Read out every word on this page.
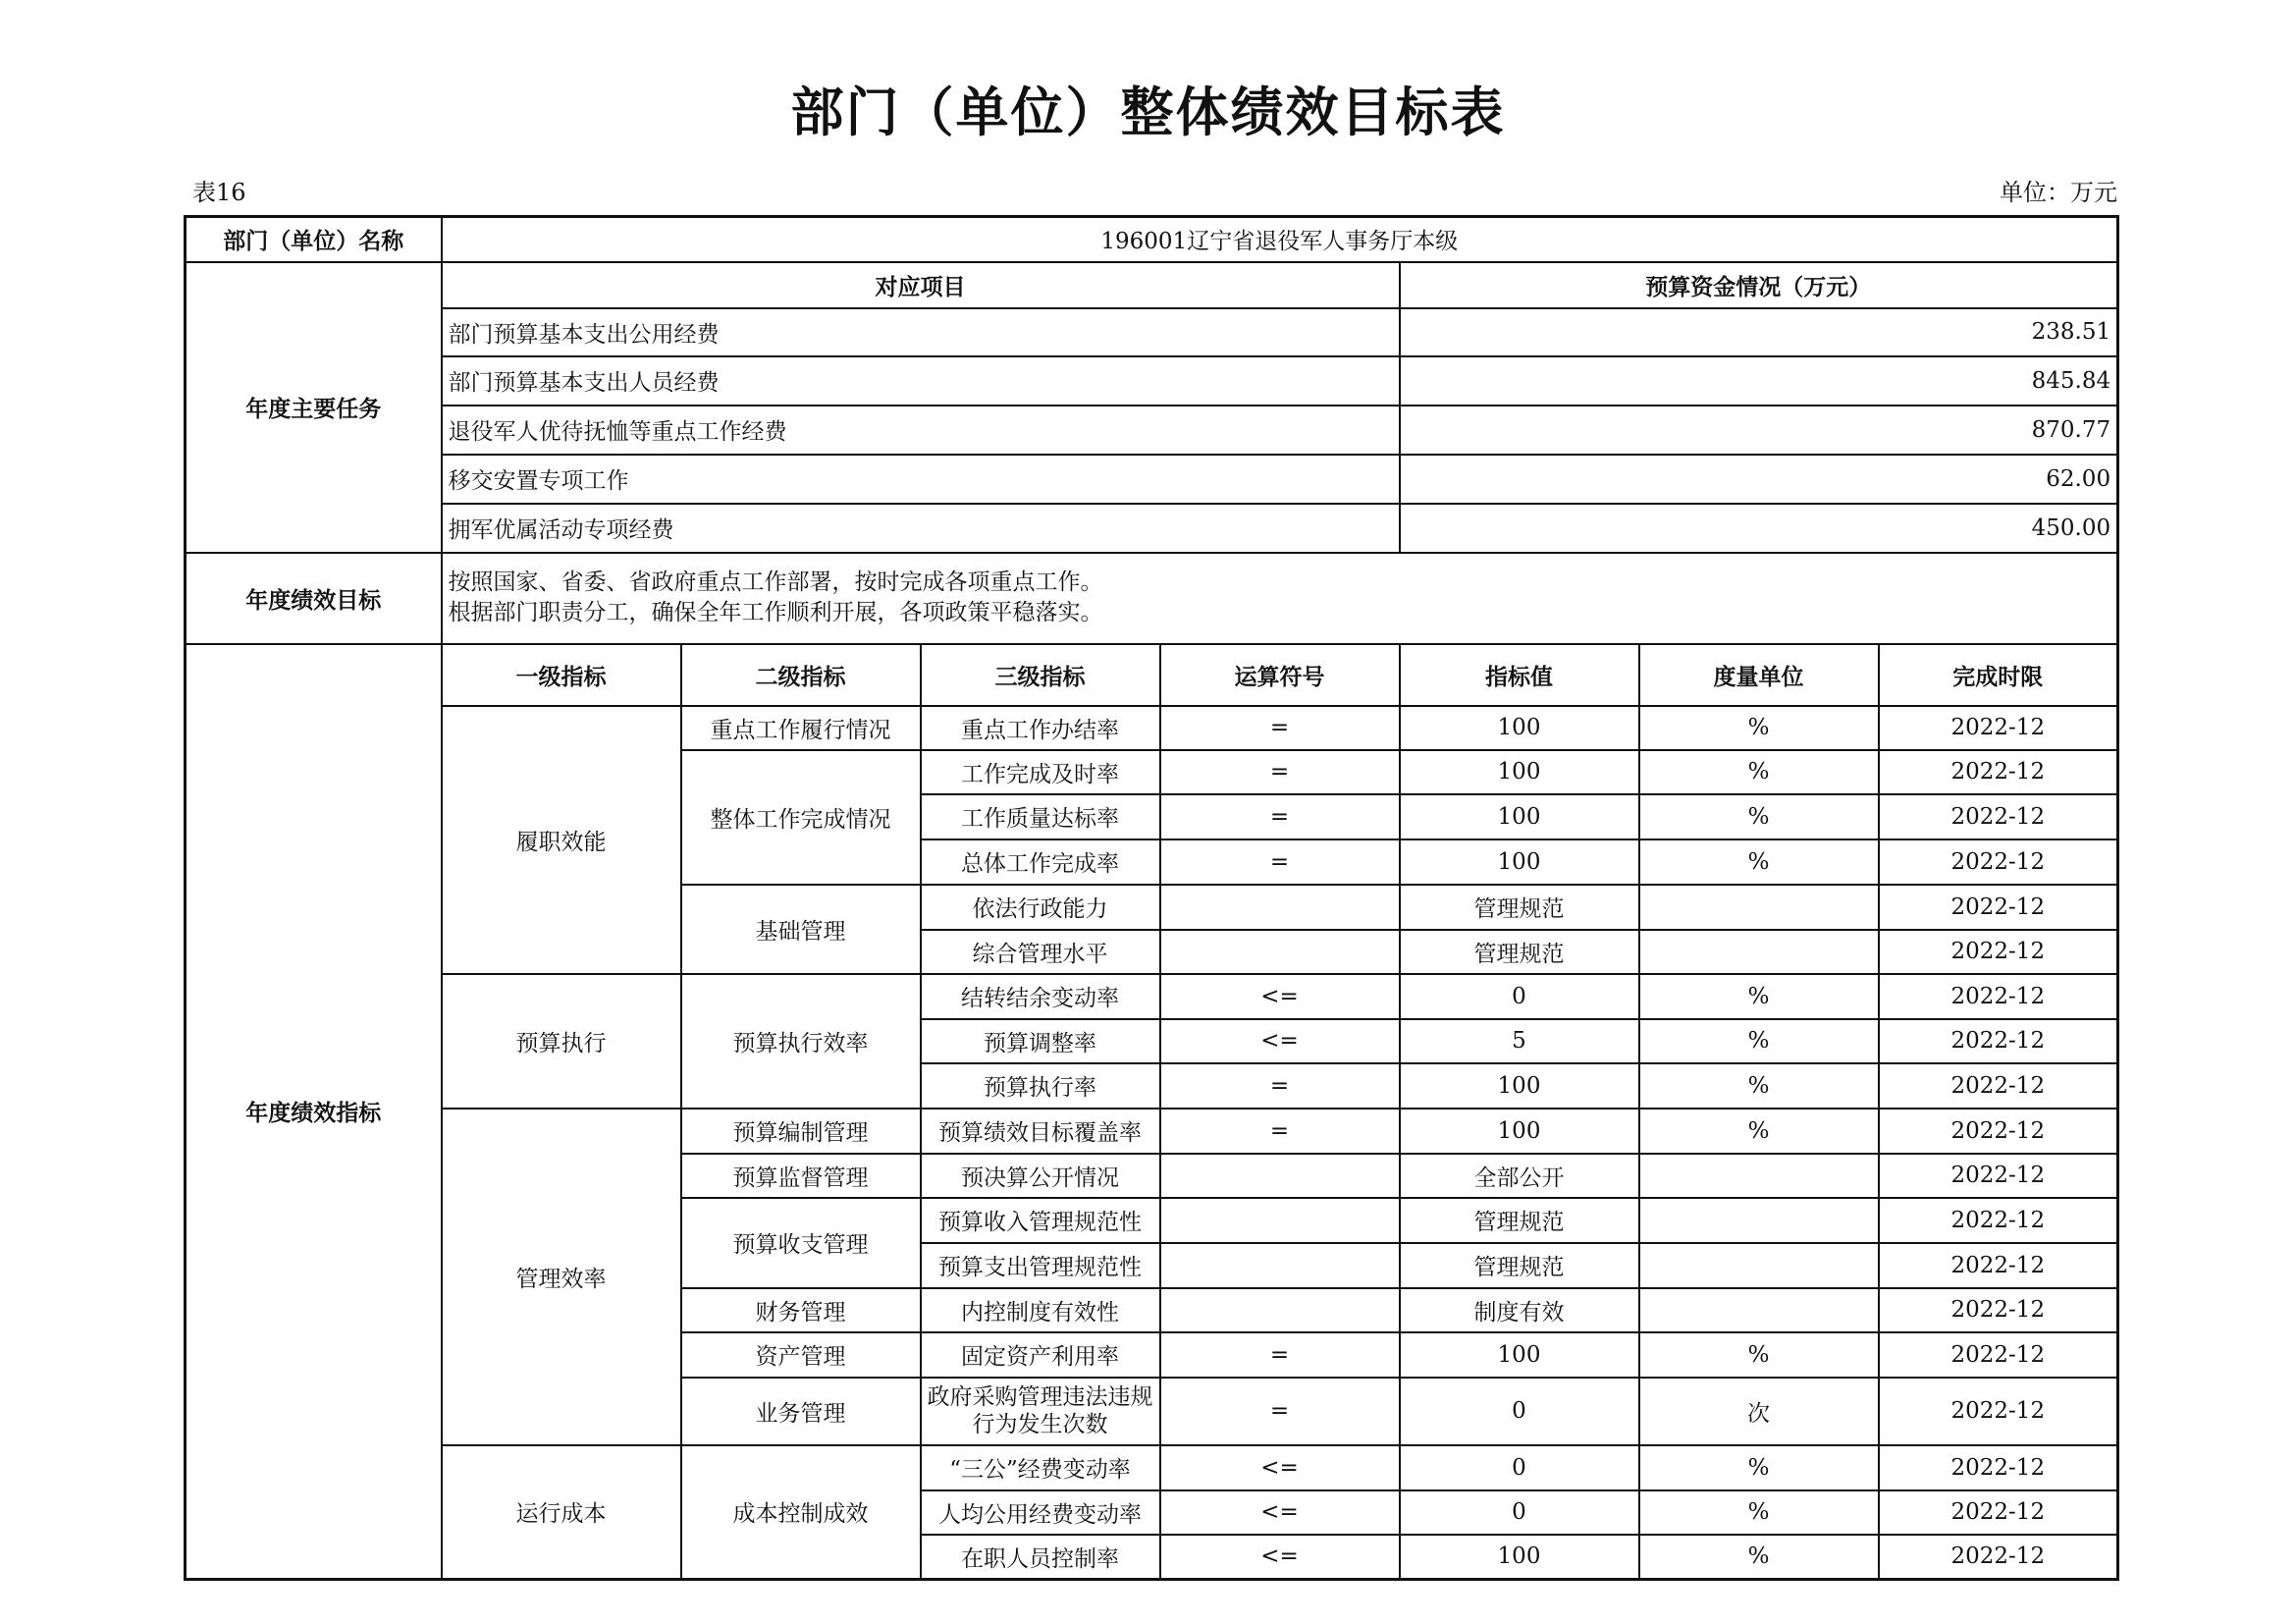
部门（单位）整体绩效目标表
表16	单位：万元
部门（单位）名称	196001辽宁省退役军人事务厅本级						
年度主要任务	对应项目				预算资金情况（万元）		
	部门预算基本支出公用经费				238.51		
	部门预算基本支出人员经费				845.84		
	退役军人优待抚恤等重点工作经费				870.77		
	移交安置专项工作				62.00		
	拥军优属活动专项经费				450.00		
年度绩效目标	按照国家、省委、省政府重点工作部署，按时完成各项重点工作。
根据部门职责分工，确保全年工作顺利开展，各项政策平稳落实。						

年度绩效指标	一级指标	二级指标	三级指标	运算符号	指标值	度量单位	完成时限
	履职效能	重点工作履行情况	重点工作办结率	=	100	%	2022-12
		整体工作完成情况	工作完成及时率	=	100	%	2022-12
			工作质量达标率	=	100	%	2022-12
			总体工作完成率	=	100	%	2022-12
		基础管理	依法行政能力		管理规范		2022-12
			综合管理水平		管理规范		2022-12
	预算执行	预算执行效率	结转结余变动率	<=	0	%	2022-12
			预算调整率	<=	5	%	2022-12
			预算执行率	=	100	%	2022-12
	管理效率	预算编制管理	预算绩效目标覆盖率	=	100	%	2022-12
		预算监督管理	预决算公开情况		全部公开		2022-12
		预算收支管理	预算收入管理规范性		管理规范		2022-12
			预算支出管理规范性		管理规范		2022-12
		财务管理	内控制度有效性		制度有效		2022-12
		资产管理	固定资产利用率	=	100	%	2022-12
		业务管理	政府采购管理违法违规行为发生次数	=	0	次	2022-12
	运行成本	成本控制成效	“三公”经费变动率	<=	0	%	2022-12
			人均公用经费变动率	<=	0	%	2022-12
			在职人员控制率	<=	100	%	2022-12
